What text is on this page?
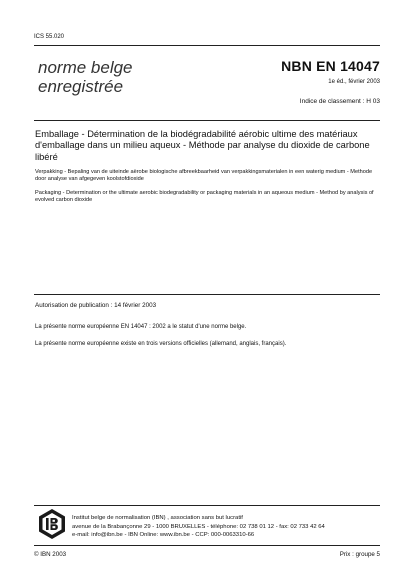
ICS 55.020
norme belge
enregistrée
NBN EN 14047
1e éd., février 2003
Indice de classement : H 03
Emballage - Détermination de la biodégradabilité aérobic ultime des matériaux d'emballage dans un milieu aqueux - Méthode par analyse du dioxide de carbone libéré
Verpakking - Bepaling van de uiteinde aërobe biologische afbreekbaarheid van verpakkingsmaterialen in een waterig medium - Methode door analyse van afgegeven koolstofdioxide
Packaging - Determination or the ultimate aerobic biodegradability or packaging materials in an aqueous medium - Method by analysis of evolved carbon dioxide
Autorisation de publication : 14 février 2003
La présente norme européenne EN 14047 : 2002 a le statut d'une norme belge.
La présente norme européenne existe en trois versions officielles (allemand, anglais, français).
Institut belge de normalisation (IBN) , association sans but lucratif
avenue de la Brabançonne 29 - 1000 BRUXELLES - téléphone: 02 738 01 12 - fax: 02 733 42 64
e-mail: info@ibn.be - IBN Online: www.ibn.be - CCP: 000-0063310-66
© IBN 2003	Prix : groupe 5
